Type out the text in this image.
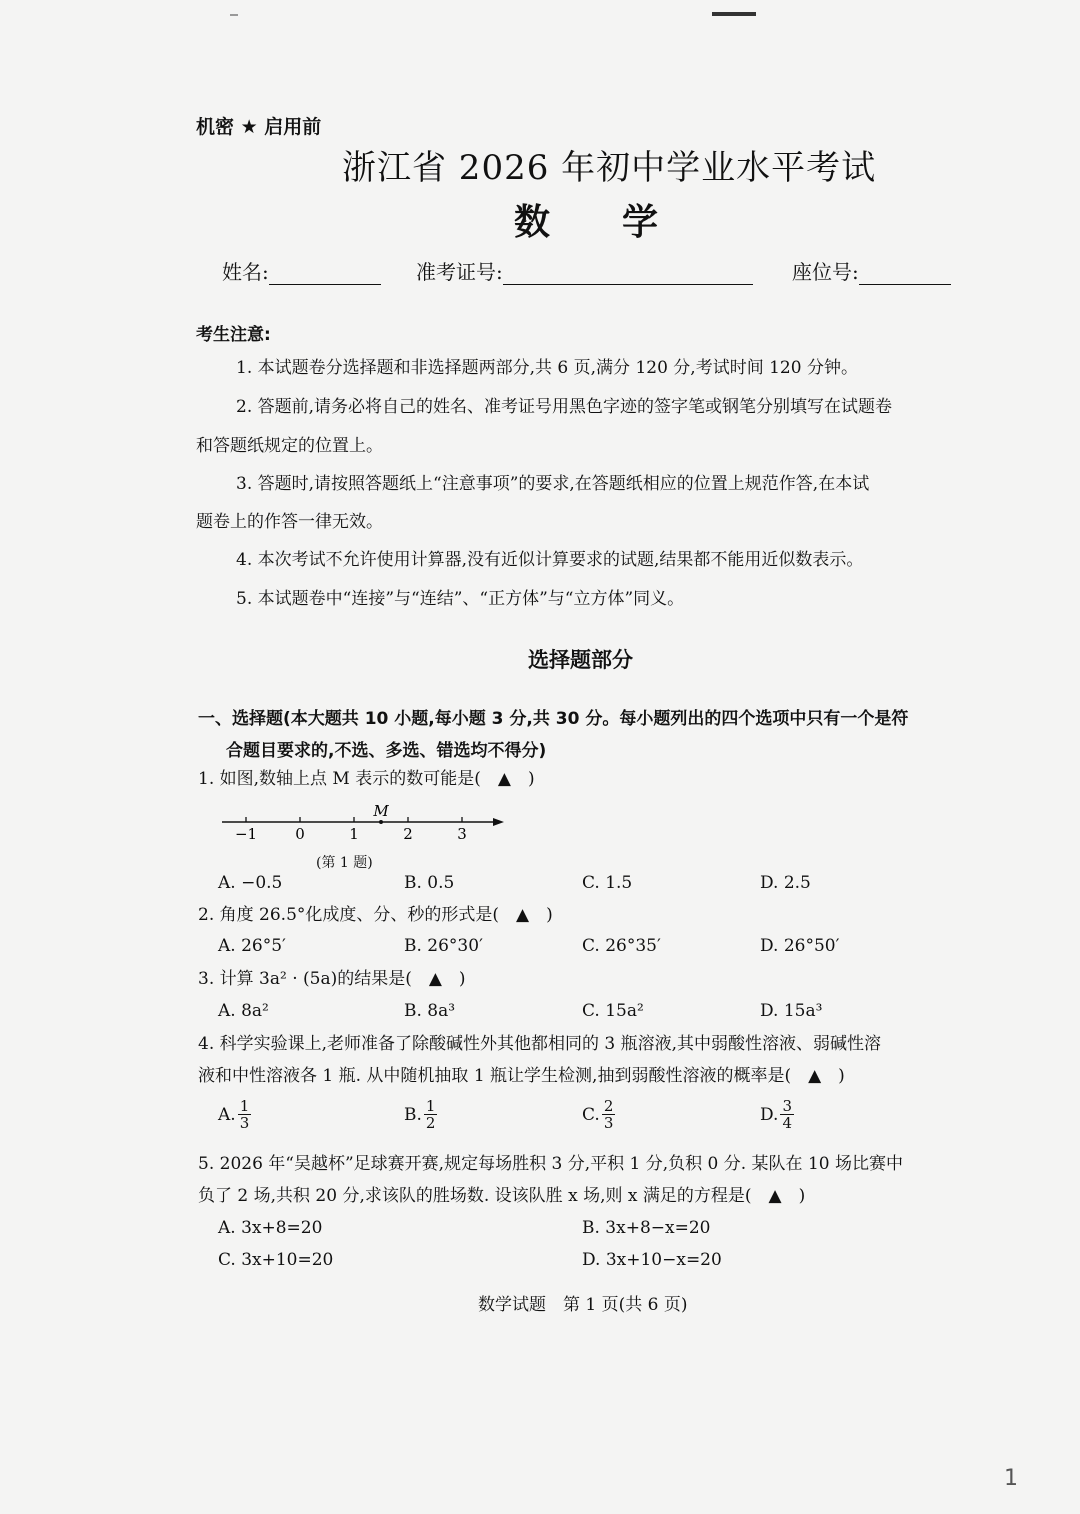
机密 ★ 启用前
浙江省 2026 年初中学业水平考试
数　　学
姓名:	准考证号:	座位号:
考生注意:
1. 本试题卷分选择题和非选择题两部分,共 6 页,满分 120 分,考试时间 120 分钟。
2. 答题前,请务必将自己的姓名、准考证号用黑色字迹的签字笔或钢笔分别填写在试题卷
和答题纸规定的位置上。
3. 答题时,请按照答题纸上“注意事项”的要求,在答题纸相应的位置上规范作答,在本试
题卷上的作答一律无效。
4. 本次考试不允许使用计算器,没有近似计算要求的试题,结果都不能用近似数表示。
5. 本试题卷中“连接”与“连结”、“正方体”与“立方体”同义。
选择题部分
一、选择题(本大题共 10 小题,每小题 3 分,共 30 分。每小题列出的四个选项中只有一个是符
合题目要求的,不选、多选、错选均不得分)
1. 如图,数轴上点 M 表示的数可能是(　▲　)
−1	0	1	2	3
M
(第 1 题)
A. −0.5	B. 0.5	C. 1.5	D. 2.5
2. 角度 26.5°化成度、分、秒的形式是(　▲　)
A. 26°5′	B. 26°30′	C. 26°35′	D. 26°50′
3. 计算 3a² · (5a)的结果是(　▲　)
A. 8a²	B. 8a³	C. 15a²	D. 15a³
4. 科学实验课上,老师准备了除酸碱性外其他都相同的 3 瓶溶液,其中弱酸性溶液、弱碱性溶
液和中性溶液各 1 瓶. 从中随机抽取 1 瓶让学生检测,抽到弱酸性溶液的概率是(　▲　)
A. $\frac{1}{3}$	B. $\frac{1}{2}$	C. $\frac{2}{3}$	D. $\frac{3}{4}$
5. 2026 年“吴越杯”足球赛开赛,规定每场胜积 3 分,平积 1 分,负积 0 分. 某队在 10 场比赛中
负了 2 场,共积 20 分,求该队的胜场数. 设该队胜 x 场,则 x 满足的方程是(　▲　)
A. 3x+8=20	B. 3x+8−x=20
C. 3x+10=20	D. 3x+10−x=20
数学试题　第 1 页(共 6 页)
1
